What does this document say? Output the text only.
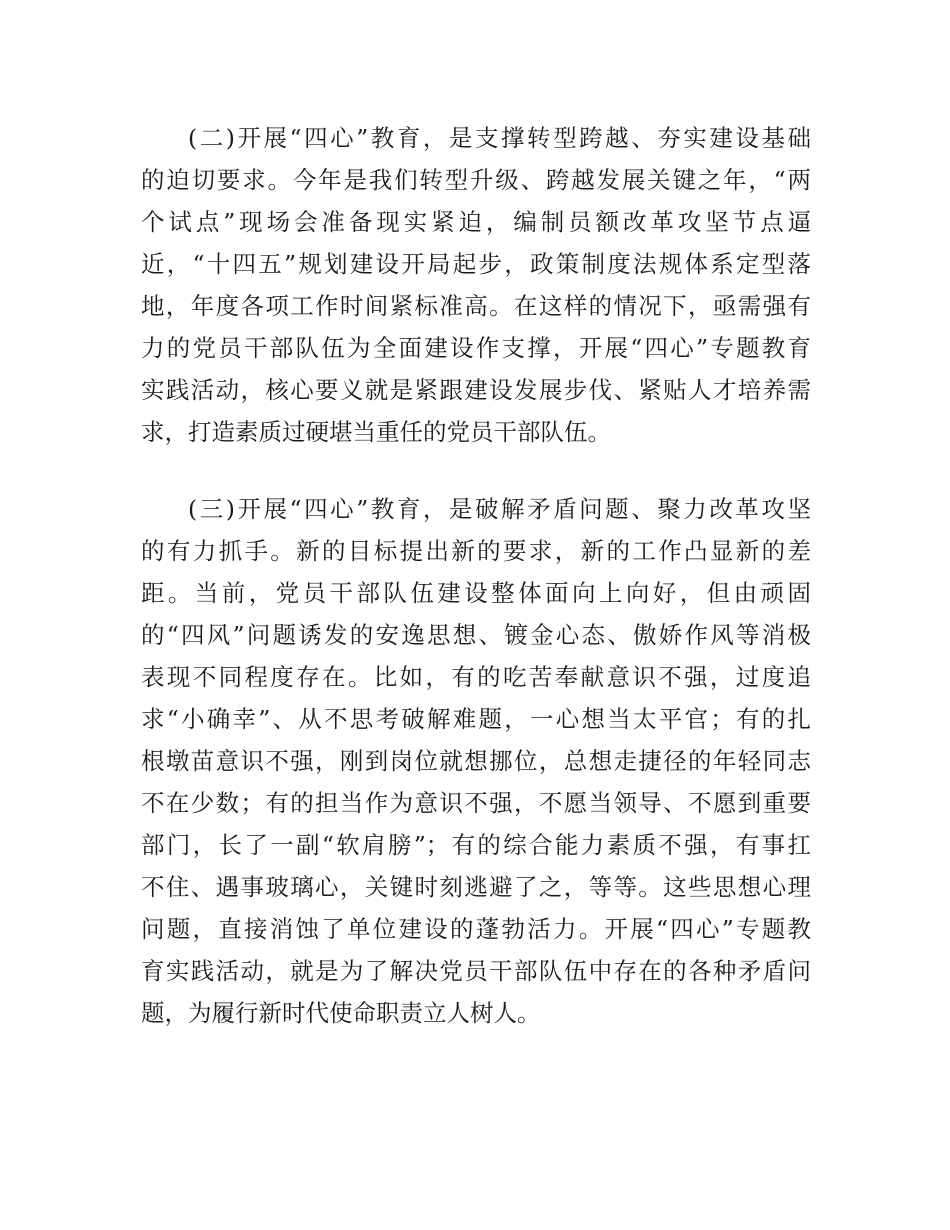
(二)开展“四心”教育，是支撑转型跨越、夯实建设基础
的迫切要求。今年是我们转型升级、跨越发展关键之年，“两
个试点”现场会准备现实紧迫，编制员额改革攻坚节点逼
近，“十四五”规划建设开局起步，政策制度法规体系定型落
地，年度各项工作时间紧标准高。在这样的情况下，亟需强有
力的党员干部队伍为全面建设作支撑，开展“四心”专题教育
实践活动，核心要义就是紧跟建设发展步伐、紧贴人才培养需
求，打造素质过硬堪当重任的党员干部队伍。
(三)开展“四心”教育，是破解矛盾问题、聚力改革攻坚
的有力抓手。新的目标提出新的要求，新的工作凸显新的差
距。当前，党员干部队伍建设整体面向上向好，但由顽固
的“四风”问题诱发的安逸思想、镀金心态、傲娇作风等消极
表现不同程度存在。比如，有的吃苦奉献意识不强，过度追
求“小确幸”、从不思考破解难题，一心想当太平官；有的扎
根墩苗意识不强，刚到岗位就想挪位，总想走捷径的年轻同志
不在少数；有的担当作为意识不强，不愿当领导、不愿到重要
部门，长了一副“软肩膀”；有的综合能力素质不强，有事扛
不住、遇事玻璃心，关键时刻逃避了之，等等。这些思想心理
问题，直接消蚀了单位建设的蓬勃活力。开展“四心”专题教
育实践活动，就是为了解决党员干部队伍中存在的各种矛盾问
题，为履行新时代使命职责立人树人。
